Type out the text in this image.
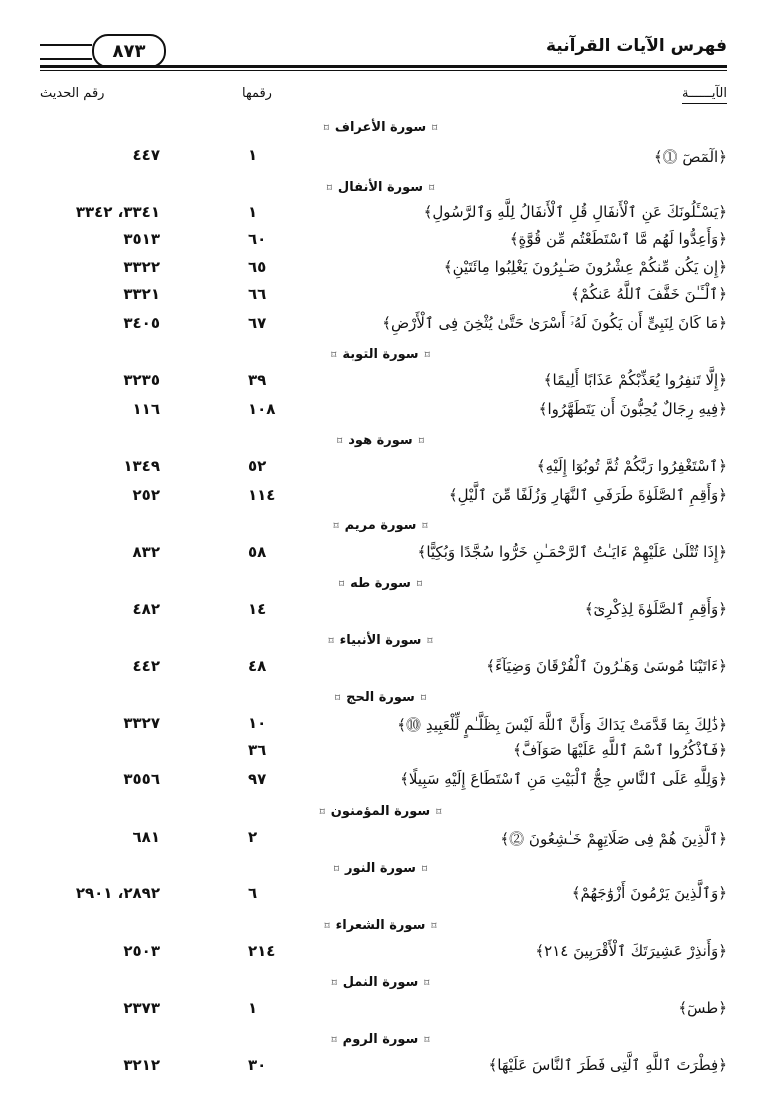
فهرس الآيات القرآنية
٨٧٣
الآيــــــة
رقمها
رقم الحديث
⌑سورة الأعراف⌑
﴿الٓمٓصٓ ⓵﴾
١
٤٤٧
⌑سورة الأنفال⌑
﴿يَسْـَٔلُونَكَ عَنِ ٱلْأَنفَالِ قُلِ ٱلْأَنفَالُ لِلَّهِ وَٱلرَّسُولِ﴾
١
٣٣٤١، ٣٣٤٢
﴿وَأَعِدُّوا لَهُم مَّا ٱسْتَطَعْتُم مِّن قُوَّةٍ﴾
٦٠
٣٥١٣
﴿إِن يَكُن مِّنكُمْ عِشْرُونَ صَـٰبِرُونَ يَغْلِبُوا مِائَتَيْنِ﴾
٦٥
٣٣٢٢
﴿ٱلْـَٔـٰنَ خَفَّفَ ٱللَّهُ عَنكُمْ﴾
٦٦
٣٣٢١
﴿مَا كَانَ لِنَبِىٍّ أَن يَكُونَ لَهُۥٓ أَسْرَىٰ حَتَّىٰ يُثْخِنَ فِى ٱلْأَرْضِ﴾
٦٧
٣٤٠٥
⌑سورة التوبة⌑
﴿إِلَّا تَنفِرُوا يُعَذِّبْكُمْ عَذَابًا أَلِيمًا﴾
٣٩
٣٢٣٥
﴿فِيهِ رِجَالٌ يُحِبُّونَ أَن يَتَطَهَّرُوا﴾
١٠٨
١١٦
⌑سورة هود⌑
﴿ٱسْتَغْفِرُوا رَبَّكُمْ ثُمَّ تُوبُوٓا إِلَيْهِ﴾
٥٢
١٣٤٩
﴿وَأَقِمِ ٱلصَّلَوٰةَ طَرَفَىِ ٱلنَّهَارِ وَزُلَفًا مِّنَ ٱلَّيْلِ﴾
١١٤
٢٥٢
⌑سورة مريم⌑
﴿إِذَا تُتْلَىٰ عَلَيْهِمْ ءَايَـٰتُ ٱلرَّحْمَـٰنِ خَرُّوا سُجَّدًا وَبُكِيًّا﴾
٥٨
٨٣٢
⌑سورة طه⌑
﴿وَأَقِمِ ٱلصَّلَوٰةَ لِذِكْرِىٓ﴾
١٤
٤٨٢
⌑سورة الأنبياء⌑
﴿ءَاتَيْنَا مُوسَىٰ وَهَـٰرُونَ ٱلْفُرْقَانَ وَضِيَآءً﴾
٤٨
٤٤٢
⌑سورة الحج⌑
﴿ذَٰلِكَ بِمَا قَدَّمَتْ يَدَاكَ وَأَنَّ ٱللَّهَ لَيْسَ بِظَلَّـٰمٍ لِّلْعَبِيدِ ⓾﴾
١٠
٣٣٢٧
﴿فَٱذْكُرُوا ٱسْمَ ٱللَّهِ عَلَيْهَا صَوَآفَّ﴾
٣٦
﴿وَلِلَّهِ عَلَى ٱلنَّاسِ حِجُّ ٱلْبَيْتِ مَنِ ٱسْتَطَاعَ إِلَيْهِ سَبِيلًا﴾
٩٧
٣٥٥٦
⌑سورة المؤمنون⌑
﴿ٱلَّذِينَ هُمْ فِى صَلَاتِهِمْ خَـٰشِعُونَ ⓶﴾
٢
٦٨١
⌑سورة النور⌑
﴿وَٱلَّذِينَ يَرْمُونَ أَزْوَٰجَهُمْ﴾
٦
٢٨٩٢، ٢٩٠١
⌑سورة الشعراء⌑
﴿وَأَنذِرْ عَشِيرَتَكَ ٱلْأَقْرَبِينَ ٢١٤﴾
٢١٤
٢٥٠٣
⌑سورة النمل⌑
﴿طسٓ﴾
١
٢٣٧٣
⌑سورة الروم⌑
﴿فِطْرَتَ ٱللَّهِ ٱلَّتِى فَطَرَ ٱلنَّاسَ عَلَيْهَا﴾
٣٠
٣٢١٢
